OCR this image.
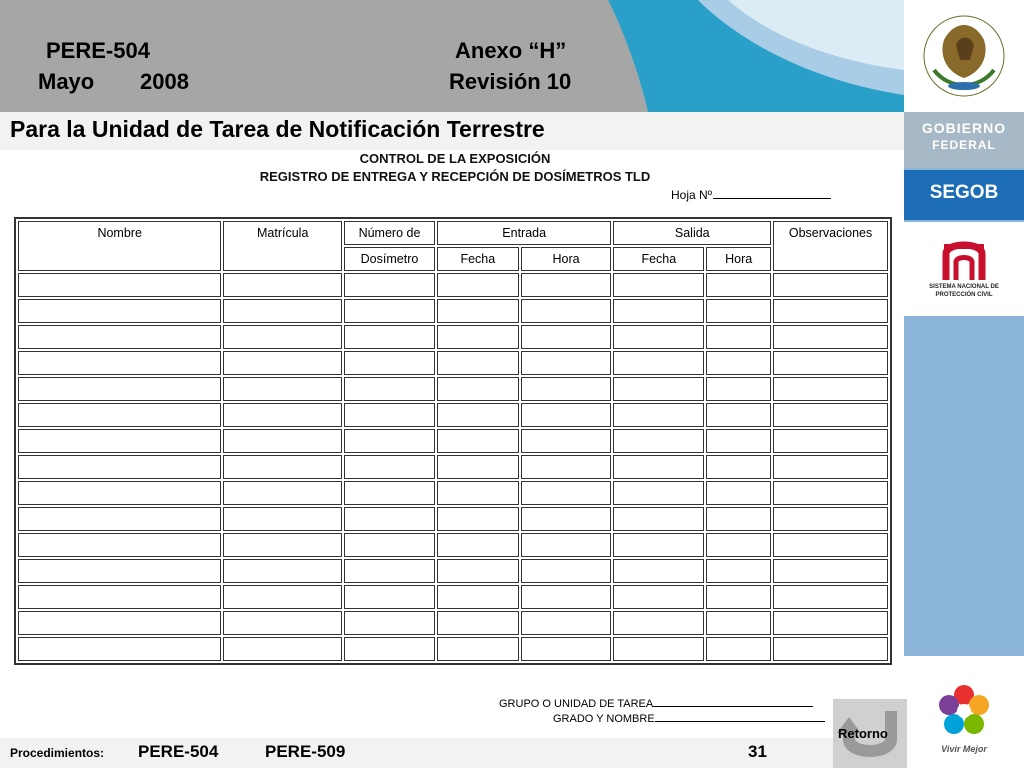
PERE-504
Mayo 2008
Anexo “H”
Revisión 10
GOBIERNO
FEDERAL
SEGOB
SISTEMA NACIONAL DE PROTECCIÓN CIVIL
Vivir Mejor
Para la Unidad de Tarea de Notificación Terrestre
CONTROL DE LA EXPOSICIÓN
REGISTRO DE ENTREGA Y RECEPCIÓN DE DOSÍMETROS TLD
Hoja Nº
Nombre	Matrícula	Número de	Entrada		Salida		Observaciones
		Dosímetro	Fecha	Hora	Fecha	Hora	

GRUPO O UNIDAD DE TAREA
GRADO Y NOMBRE
Retorno
Procedimientos: PERE-504	PERE-509	31
